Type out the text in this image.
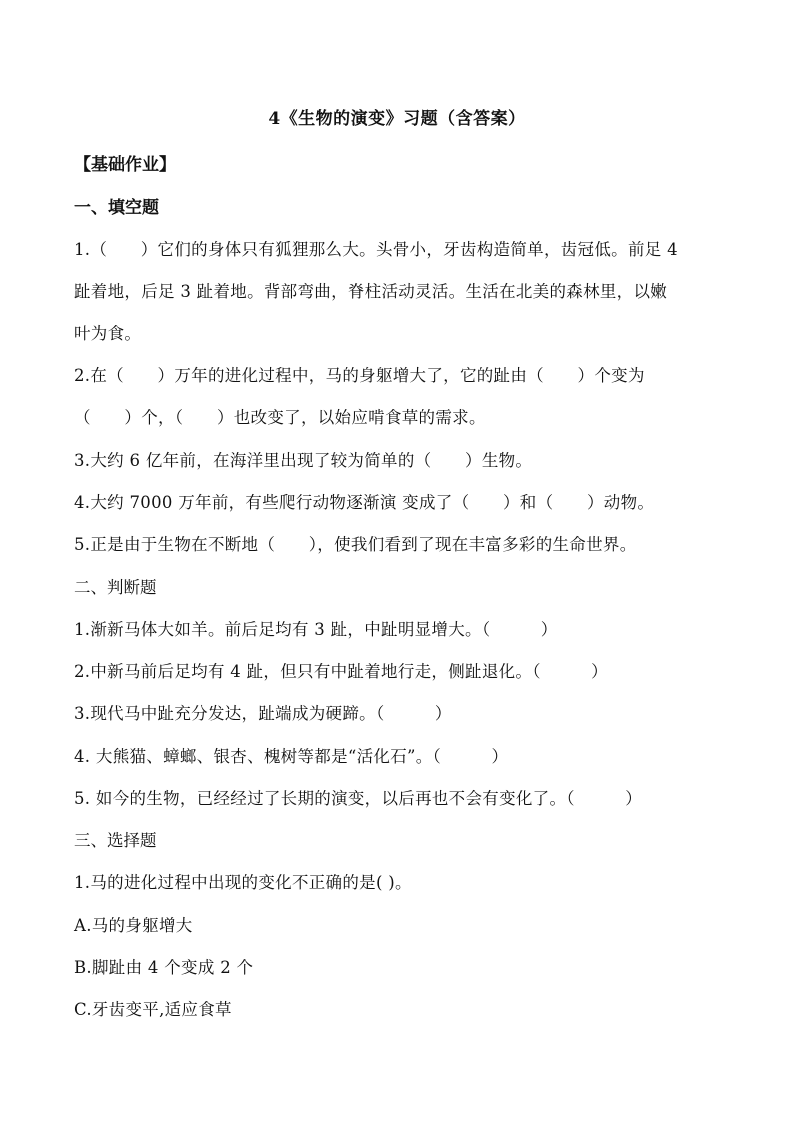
4《生物的演变》习题（含答案）
【基础作业】
一、填空题
1.（　　）它们的身体只有狐狸那么大。头骨小，牙齿构造简单，齿冠低。前足 4
趾着地，后足 3 趾着地。背部弯曲，脊柱活动灵活。生活在北美的森林里，以嫩
叶为食。
2.在（　　）万年的进化过程中，马的身躯增大了，它的趾由（　　）个变为
（　　）个，（　　）也改变了，以始应啃食草的需求。
3.大约 6 亿年前，在海洋里出现了较为简单的（　　）生物。
4.大约 7000 万年前，有些爬行动物逐渐演 变成了（　　）和（　　）动物。
5.正是由于生物在不断地（　　），使我们看到了现在丰富多彩的生命世界。
二、判断题
1.渐新马体大如羊。前后足均有 3 趾，中趾明显增大。（　　　）
2.中新马前后足均有 4 趾，但只有中趾着地行走，侧趾退化。（　　　）
3.现代马中趾充分发达，趾端成为硬蹄。（　　　）
4. 大熊猫、蟑螂、银杏、槐树等都是“活化石”。（　　　）
5. 如今的生物，已经经过了长期的演变，以后再也不会有变化了。（　　　）
三、选择题
1.马的进化过程中出现的变化不正确的是( )。
A.马的身躯增大
B.脚趾由 4 个变成 2 个
C.牙齿变平,适应食草
